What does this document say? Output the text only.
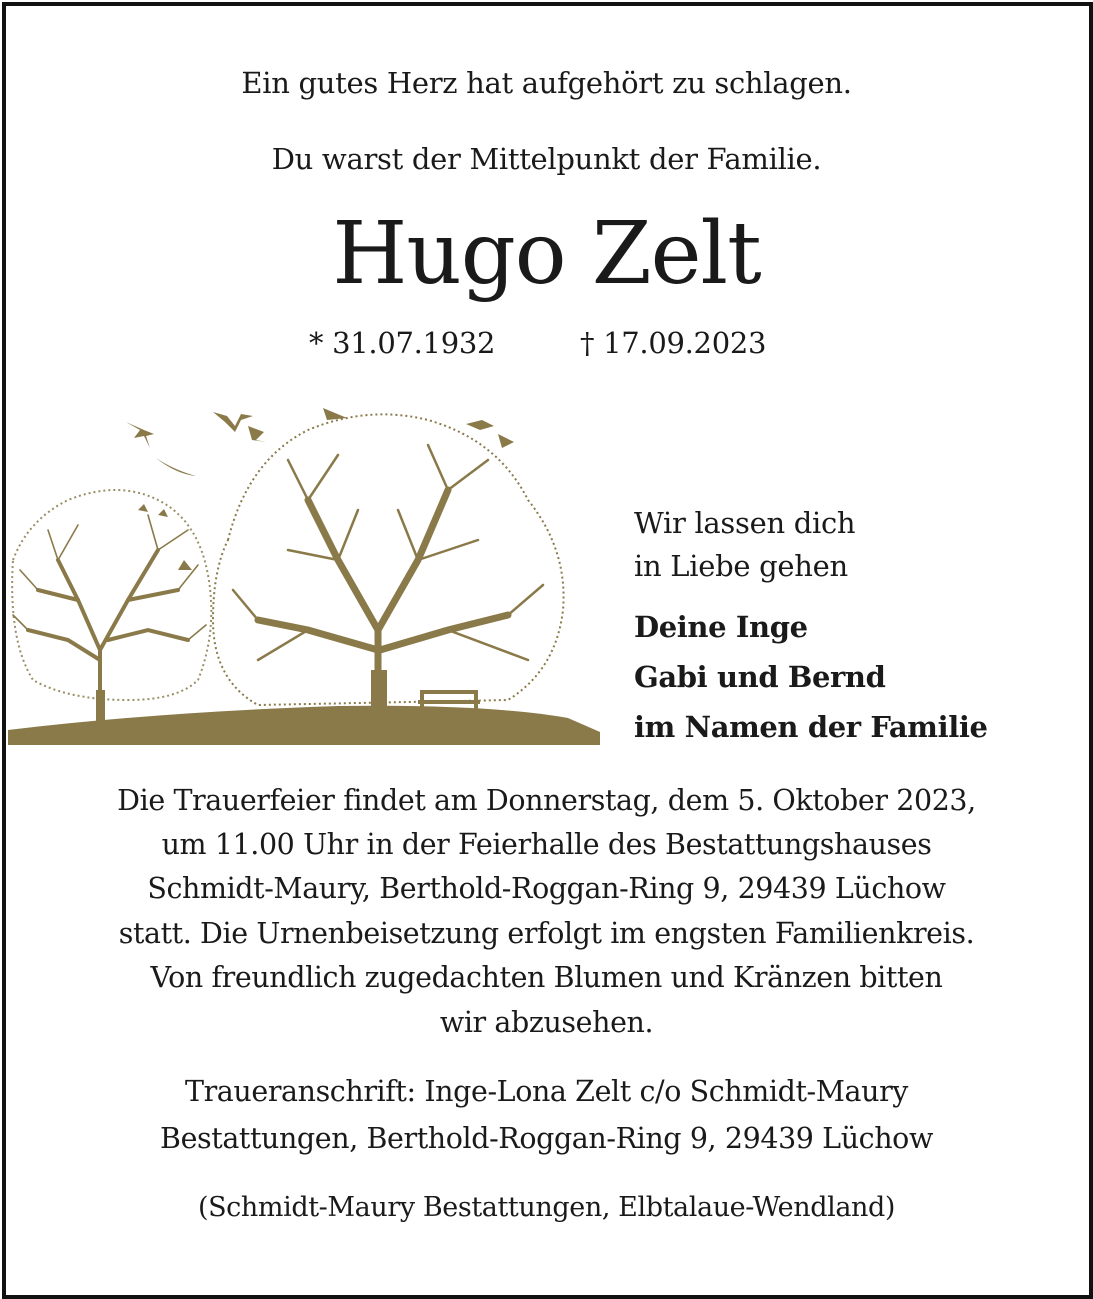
Ein gutes Herz hat aufgehört zu schlagen.
Du warst der Mittelpunkt der Familie.
Hugo Zelt
* 31.07.1932	† 17.09.2023
Wir lassen dich
in Liebe gehen
Deine Inge
Gabi und Bernd
im Namen der Familie
Die Trauerfeier findet am Donnerstag, dem 5. Oktober 2023,
um 11.00 Uhr in der Feierhalle des Bestattungshauses
Schmidt-Maury, Berthold-Roggan-Ring 9, 29439 Lüchow
statt. Die Urnenbeisetzung erfolgt im engsten Familienkreis.
Von freundlich zugedachten Blumen und Kränzen bitten
wir abzusehen.
Traueranschrift: Inge-Lona Zelt c/o Schmidt-Maury
Bestattungen, Berthold-Roggan-Ring 9, 29439 Lüchow
(Schmidt-Maury Bestattungen, Elbtalaue-Wendland)
